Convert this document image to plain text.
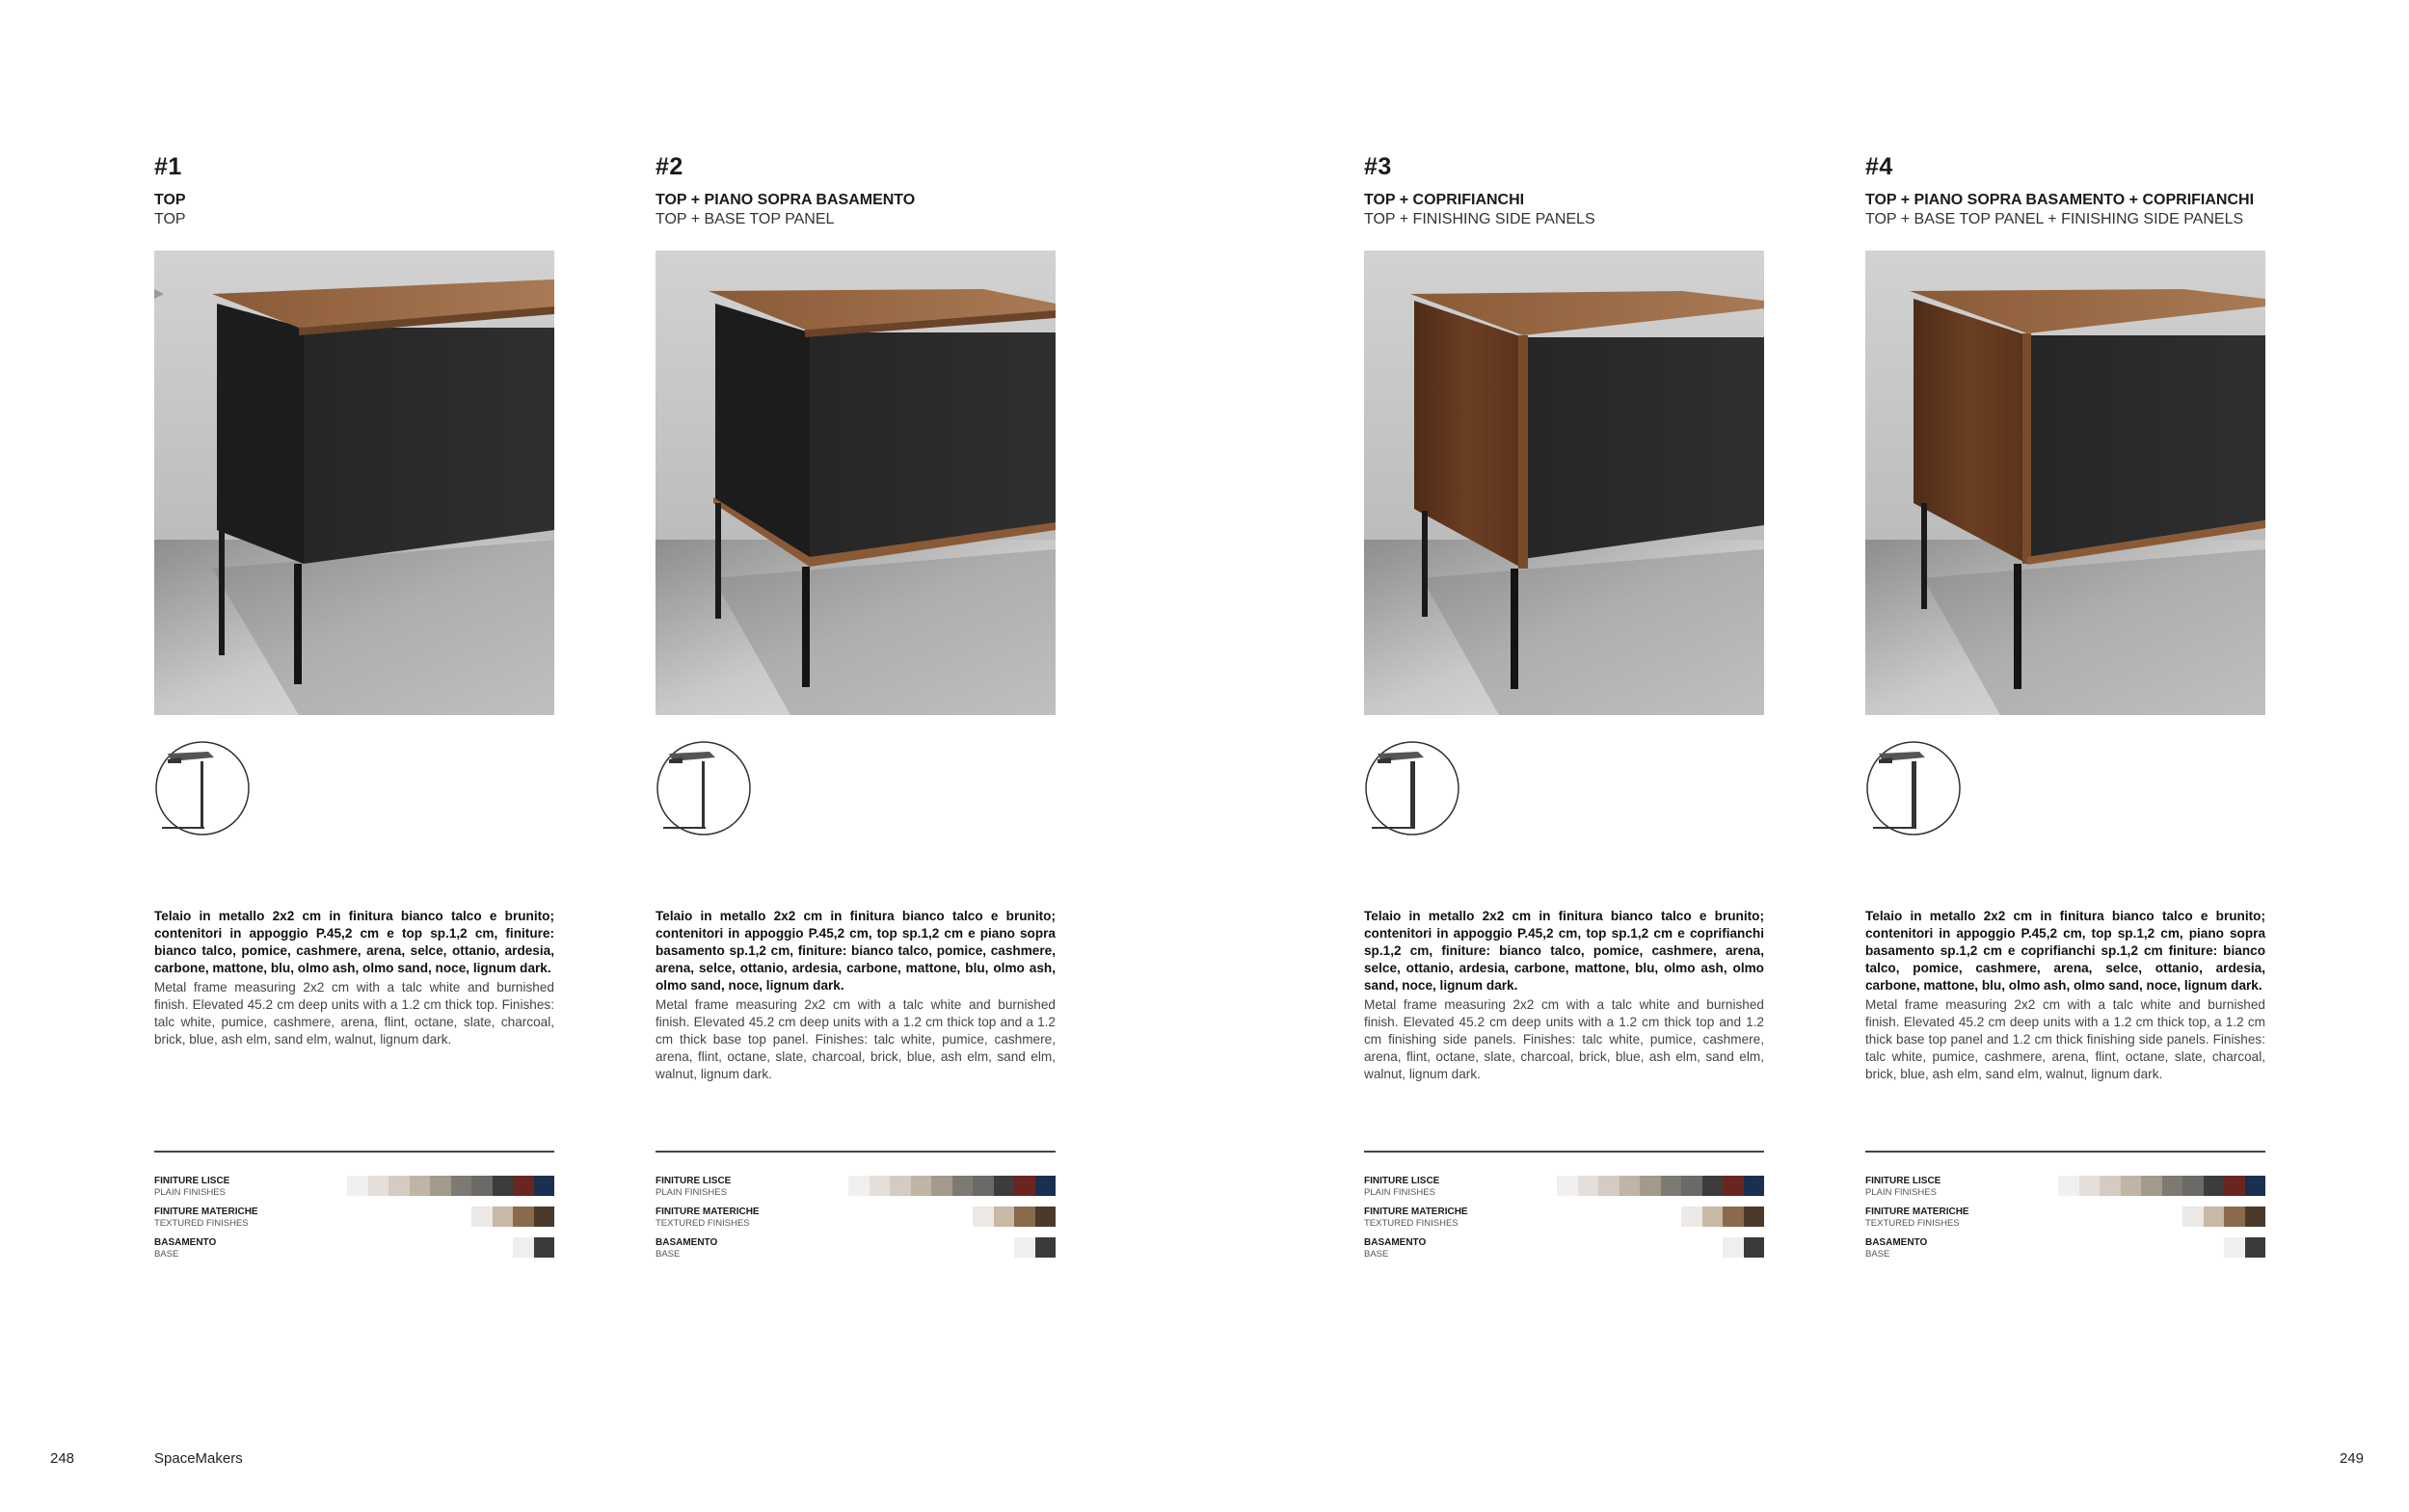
#1
TOP
TOP
Telaio in metallo 2x2 cm in finitura bianco talco e brunito; contenitori in appoggio P.45,2 cm e top sp.1,2 cm, finiture: bianco talco, pomice, cashmere, arena, selce, ottanio, ardesia, carbone, mattone, blu, olmo ash, olmo sand, noce, lignum dark.
Metal frame measuring 2x2 cm with a talc white and burnished finish. Elevated 45.2 cm deep units with a 1.2 cm thick top. Finishes: talc white, pumice, cashmere, arena, flint, octane, slate, charcoal, brick, blue, ash elm, sand elm, walnut, lignum dark.
FINITURE LISCE
PLAIN FINISHES
FINITURE MATERICHE
TEXTURED FINISHES
BASAMENTO
BASE
#2
TOP + PIANO SOPRA BASAMENTO
TOP + BASE TOP PANEL
Telaio in metallo 2x2 cm in finitura bianco talco e brunito; contenitori in appoggio P.45,2 cm, top sp.1,2 cm e piano sopra basamento sp.1,2 cm, finiture: bianco talco, pomice, cashmere, arena, selce, ottanio, ardesia, carbone, mattone, blu, olmo ash, olmo sand, noce, lignum dark.
Metal frame measuring 2x2 cm with a talc white and burnished finish. Elevated 45.2 cm deep units with a 1.2 cm thick top and a 1.2 cm thick base top panel. Finishes: talc white, pumice, cashmere, arena, flint, octane, slate, charcoal, brick, blue, ash elm, sand elm, walnut, lignum dark.
FINITURE LISCE
PLAIN FINISHES
FINITURE MATERICHE
TEXTURED FINISHES
BASAMENTO
BASE
#3
TOP + COPRIFIANCHI
TOP + FINISHING SIDE PANELS
Telaio in metallo 2x2 cm in finitura bianco talco e brunito; contenitori in appoggio P.45,2 cm, top sp.1,2 cm e coprifianchi sp.1,2 cm, finiture: bianco talco, pomice, cashmere, arena, selce, ottanio, ardesia, carbone, mattone, blu, olmo ash, olmo sand, noce, lignum dark.
Metal frame measuring 2x2 cm with a talc white and burnished finish. Elevated 45.2 cm deep units with a 1.2 cm thick top and 1.2 cm finishing side panels. Finishes: talc white, pumice, cashmere, arena, flint, octane, slate, charcoal, brick, blue, ash elm, sand elm, walnut, lignum dark.
FINITURE LISCE
PLAIN FINISHES
FINITURE MATERICHE
TEXTURED FINISHES
BASAMENTO
BASE
#4
TOP + PIANO SOPRA BASAMENTO + COPRIFIANCHI
TOP + BASE TOP PANEL + FINISHING SIDE PANELS
Telaio in metallo 2x2 cm in finitura bianco talco e brunito; contenitori in appoggio P.45,2 cm, top sp.1,2 cm, piano sopra basamento sp.1,2 cm e coprifianchi sp.1,2 cm finiture: bianco talco, pomice, cashmere, arena, selce, ottanio, ardesia, carbone, mattone, blu, olmo ash, olmo sand, noce, lignum dark.
Metal frame measuring 2x2 cm with a talc white and burnished finish. Elevated 45.2 cm deep units with a 1.2 cm thick top, a 1.2 cm thick base top panel and 1.2 cm thick finishing side panels. Finishes: talc white, pumice, cashmere, arena, flint, octane, slate, charcoal, brick, blue, ash elm, sand elm, walnut, lignum dark.
FINITURE LISCE
PLAIN FINISHES
FINITURE MATERICHE
TEXTURED FINISHES
BASAMENTO
BASE
248	SpaceMakers	249
